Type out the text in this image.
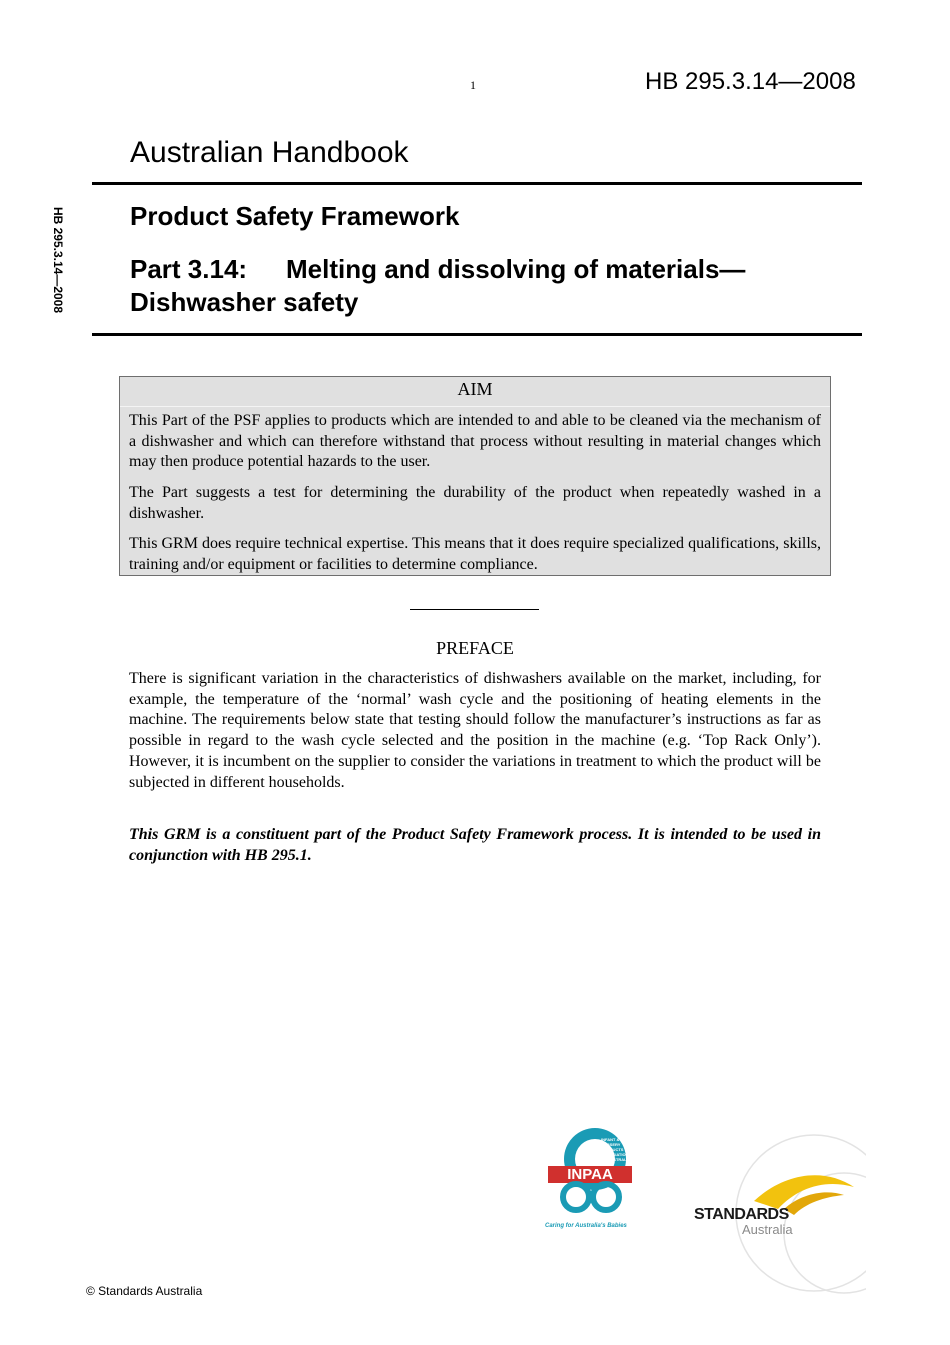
1	HB 295.3.14—2008
HB 295.3.14—2008
Australian Handbook
Product Safety Framework
Part 3.14: Melting and dissolving of materials—
Dishwasher safety
AIM
This Part of the PSF applies to products which are intended to and able to be cleaned via the mechanism of a dishwasher and which can therefore withstand that process without resulting in material changes which may then produce potential hazards to the user.
The Part suggests a test for determining the durability of the product when repeatedly washed in a dishwasher.
This GRM does require technical expertise. This means that it does require specialized qualifications, skills, training and/or equipment or facilities to determine compliance.
PREFACE
There is significant variation in the characteristics of dishwashers available on the market, including, for example, the temperature of the ‘normal’ wash cycle and the positioning of heating elements in the machine. The requirements below state that testing should follow the manufacturer’s instructions as far as possible in regard to the wash cycle selected and the position in the machine (e.g. ‘Top Rack Only’). However, it is incumbent on the supplier to consider the variations in treatment to which the product will be subjected in different households.
This GRM is a constituent part of the Product Safety Framework process. It is intended to be used in conjunction with HB 295.1.
INPAA
INFANT & NURSERY PRODUCTS ASSOCIATION OF AUSTRALIA
Caring for Australia's Babies
STANDARDS
Australia
© Standards Australia
